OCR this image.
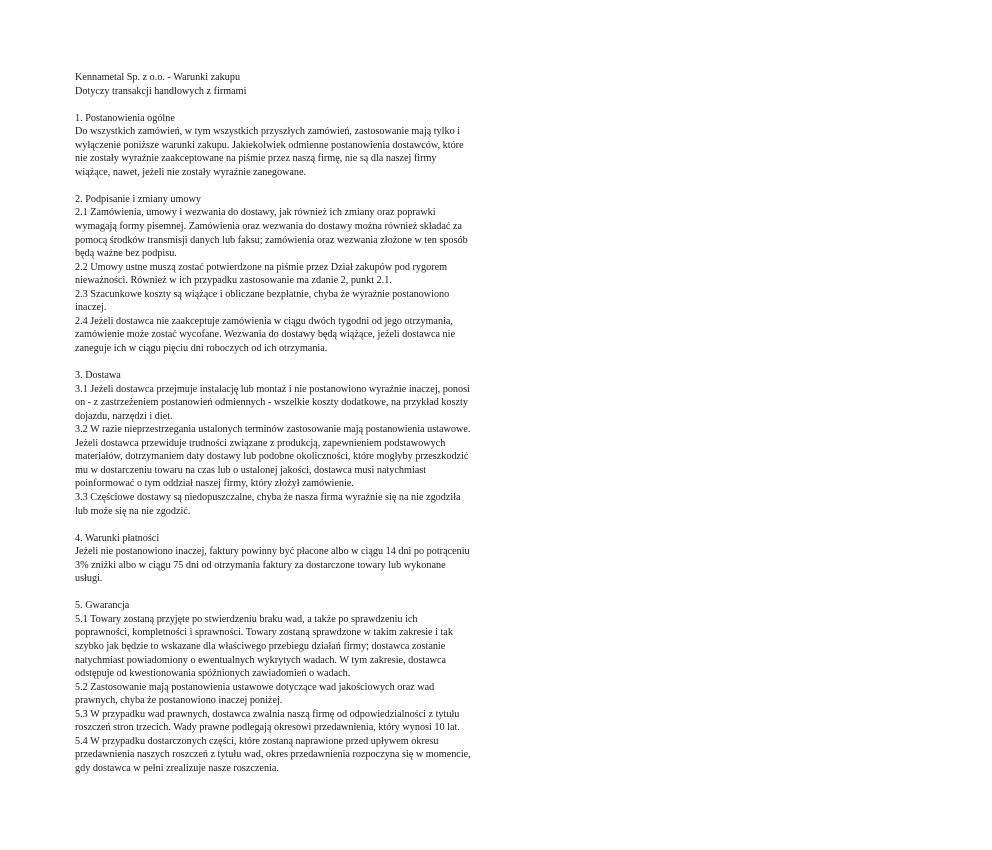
Kennametal Sp. z o.o. - Warunki zakupu
Dotyczy transakcji handlowych z firmami
1. Postanowienia ogólne
Do wszystkich zamówień, w tym wszystkich przyszłych zamówień, zastosowanie mają tylko i
wyłączenie poniższe warunki zakupu. Jakiekolwiek odmienne postanowienia dostawców, które
nie zostały wyraźnie zaakceptowane na piśmie przez naszą firmę, nie są dla naszej firmy
wiążące, nawet, jeżeli nie zostały wyraźnie zanegowane.
2. Podpisanie i zmiany umowy
2.1 Zamówienia, umowy i wezwania do dostawy, jak również ich zmiany oraz poprawki
wymagają formy pisemnej. Zamówienia oraz wezwania do dostawy można również składać za
pomocą środków transmisji danych lub faksu; zamówienia oraz wezwania złożone w ten sposób
będą ważne bez podpisu.
2.2 Umowy ustne muszą zostać potwierdzone na piśmie przez Dział zakupów pod rygorem
nieważności. Również w ich przypadku zastosowanie ma zdanie 2, punkt 2.1.
2.3 Szacunkowe koszty są wiążące i obliczane bezpłatnie, chyba że wyraźnie postanowiono
inaczej.
2.4 Jeżeli dostawca nie zaakceptuje zamówienia w ciągu dwóch tygodni od jego otrzymania,
zamówienie może zostać wycofane. Wezwania do dostawy będą wiążące, jeżeli dostawca nie
zaneguje ich w ciągu pięciu dni roboczych od ich otrzymania.
3. Dostawa
3.1 Jeżeli dostawca przejmuje instalację lub montaż i nie postanowiono wyraźnie inaczej, ponosi
on - z zastrzeżeniem postanowień odmiennych - wszelkie koszty dodatkowe, na przykład koszty
dojazdu, narzędzi i diet.
3.2 W razie nieprzestrzegania ustalonych terminów zastosowanie mają postanowienia ustawowe.
Jeżeli dostawca przewiduje trudności związane z produkcją, zapewnieniem podstawowych
materiałów, dotrzymaniem daty dostawy lub podobne okoliczności, które mogłyby przeszkodzić
mu w dostarczeniu towaru na czas lub o ustalonej jakości, dostawca musi natychmiast
poinformować o tym oddział naszej firmy, który złożył zamówienie.
3.3 Częściowe dostawy są niedopuszczalne, chyba że nasza firma wyraźnie się na nie zgodziła
lub może się na nie zgodzić.
4. Warunki płatności
Jeżeli nie postanowiono inaczej, faktury powinny być płacone albo w ciągu 14 dni po potrąceniu
3% zniżki albo w ciągu 75 dni od otrzymania faktury za dostarczone towary lub wykonane
usługi.
5. Gwarancja
5.1 Towary zostaną przyjęte po stwierdzeniu braku wad, a także po sprawdzeniu ich
poprawności, kompletności i sprawności. Towary zostaną sprawdzone w takim zakresie i tak
szybko jak będzie to wskazane dla właściwego przebiegu działań firmy; dostawca zostanie
natychmiast powiadomiony o ewentualnych wykrytych wadach. W tym zakresie, dostawca
odstępuje od kwestionowania spóźnionych zawiadomień o wadach.
5.2 Zastosowanie mają postanowienia ustawowe dotyczące wad jakościowych oraz wad
prawnych, chyba że postanowiono inaczej poniżej.
5.3 W przypadku wad prawnych, dostawca zwalnia naszą firmę od odpowiedzialności z tytułu
roszczeń stron trzecich. Wady prawne podlegają okresowi przedawnienia, który wynosi 10 lat.
5.4 W przypadku dostarczonych części, które zostaną naprawione przed upływem okresu
przedawnienia naszych roszczeń z tytułu wad, okres przedawnienia rozpoczyna się w momencie,
gdy dostawca w pełni zrealizuje nasze roszczenia.
